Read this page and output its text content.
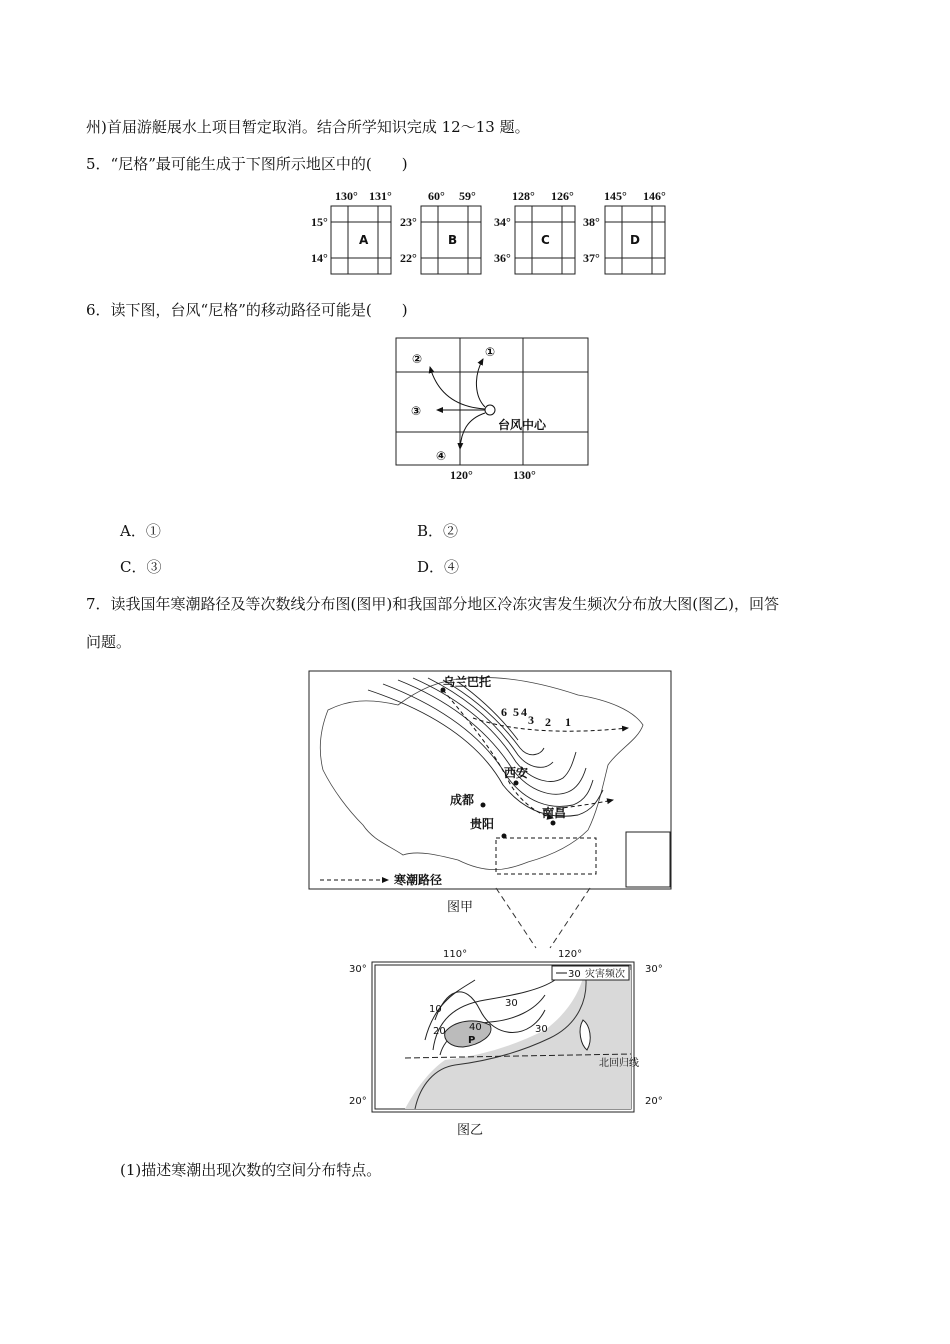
州)首届游艇展水上项目暂定取消。结合所学知识完成 12～13 题。
5．“尼格”最可能生成于下图所示地区中的(　　)
130° 131°
15°
14°
A
60° 59°
23°
22°
B
128° 126°
34°
36°
C
145° 146°
38°
37°
D
6．读下图，台风“尼格”的移动路径可能是(　　)
②	①
③
④
台风中心
120°	130°
A．①	B．②
C．③	D．④
7．读我国年寒潮路径及等次数线分布图(图甲)和我国部分地区冷冻灾害发生频次分布放大图(图乙)，回答
问题。
乌兰巴托
西安
成都
贵阳
南昌
6 5 4
3 2 1
寒潮路径
图甲
30 灾害频次
110°	120°
30°	30°
20°	20°
10
20
30
40	30
P
北回归线
图乙
(1)描述寒潮出现次数的空间分布特点。
